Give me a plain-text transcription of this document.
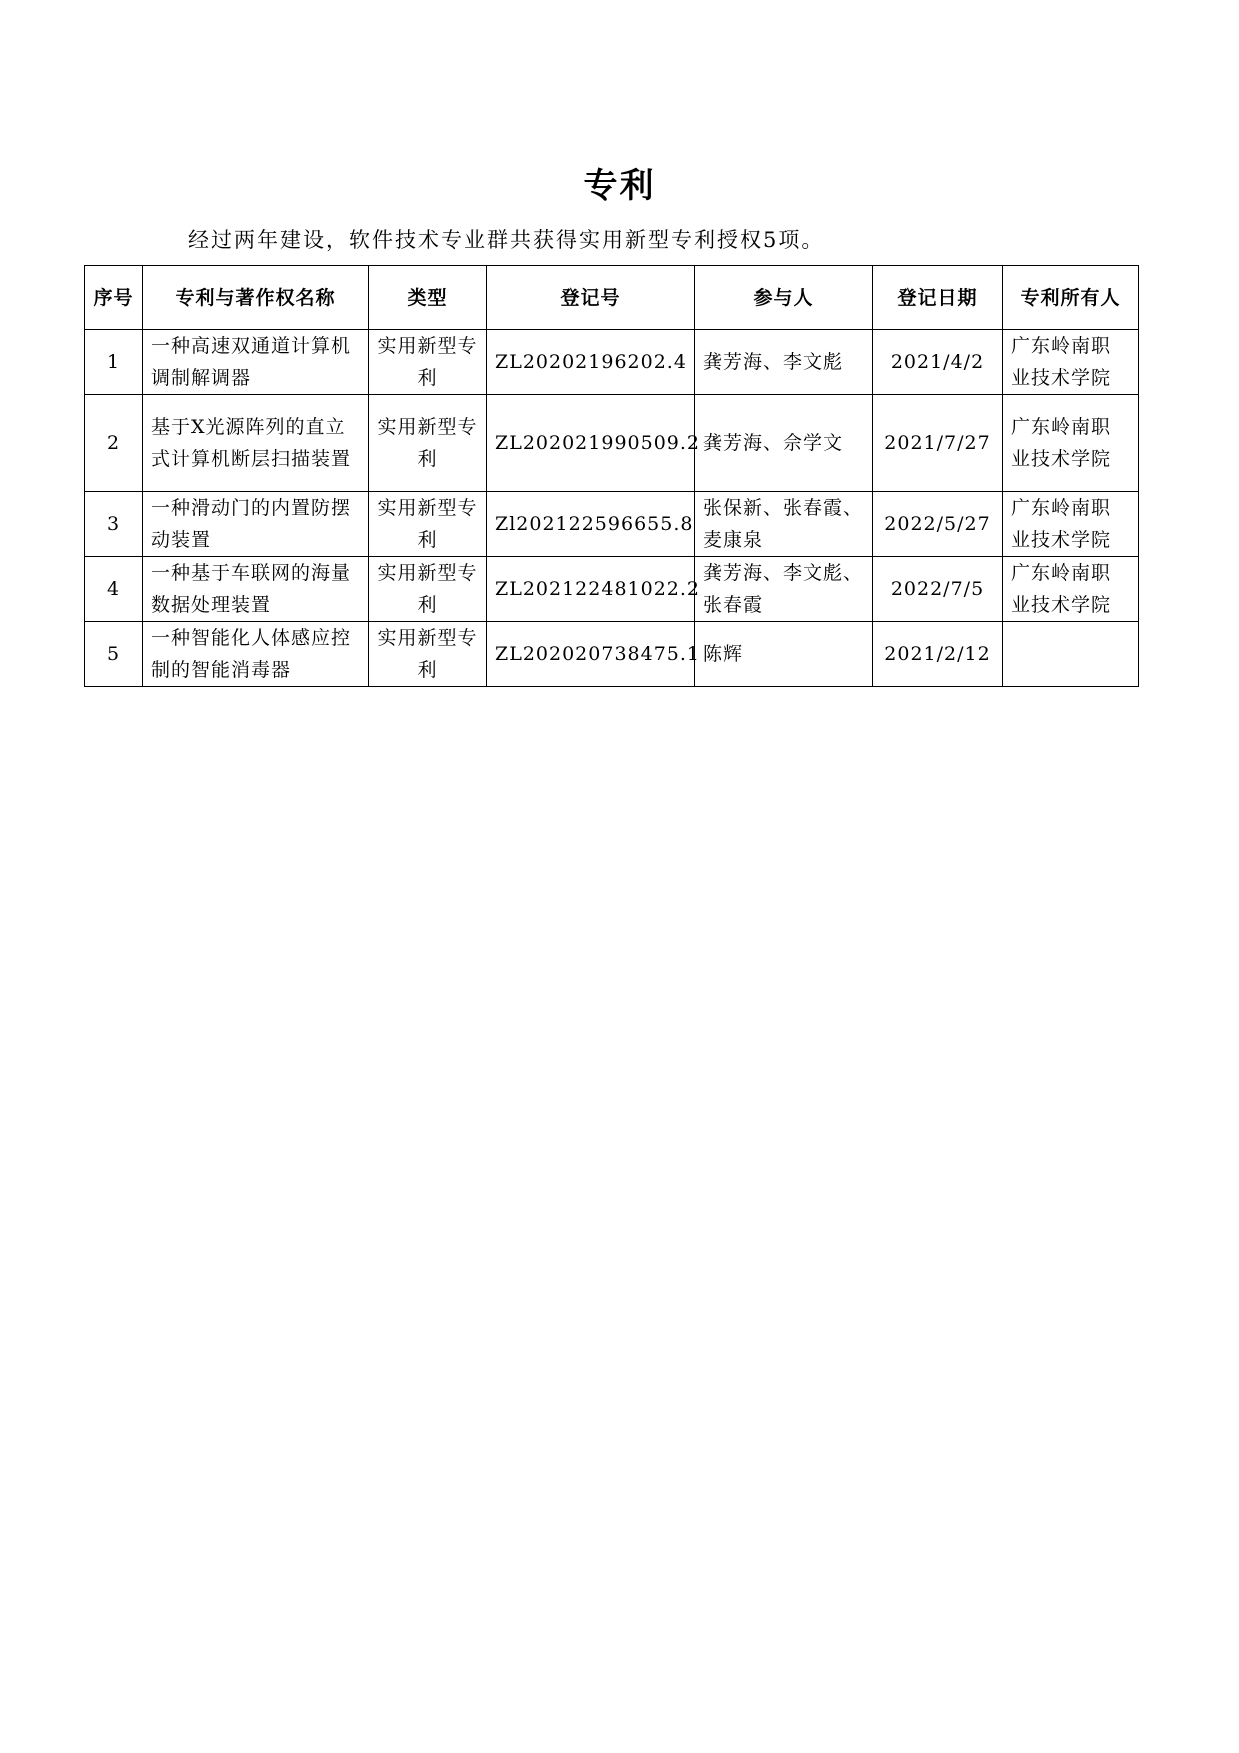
专利
经过两年建设，软件技术专业群共获得实用新型专利授权5项。
序号	专利与著作权名称	类型	登记号	参与人	登记日期	专利所有人
1	一种高速双通道计算机调制解调器	实用新型专利	ZL20202196202.4	龚芳海、李文彪	2021/4/2	广东岭南职业技术学院
2	基于X光源阵列的直立式计算机断层扫描装置	实用新型专利	ZL202021990509.2	龚芳海、佘学文	2021/7/27	广东岭南职业技术学院
3	一种滑动门的内置防摆动装置	实用新型专利	Zl202122596655.8	张保新、张春霞、麦康泉	2022/5/27	广东岭南职业技术学院
4	一种基于车联网的海量数据处理装置	实用新型专利	ZL202122481022.2	龚芳海、李文彪、张春霞	2022/7/5	广东岭南职业技术学院
5	一种智能化人体感应控制的智能消毒器	实用新型专利	ZL202020738475.1	陈辉	2021/2/12	
